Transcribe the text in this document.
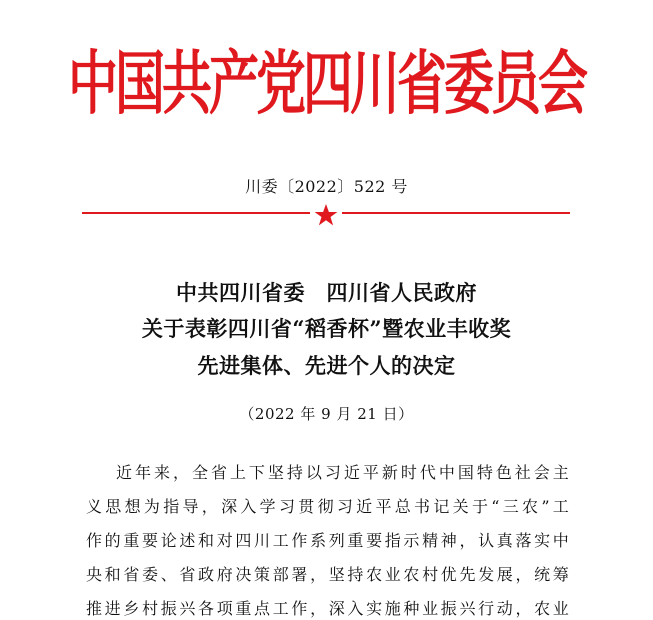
中国共产党四川省委员会
川委〔2022〕522 号
中共四川省委　四川省人民政府
关于表彰四川省“稻香杯”暨农业丰收奖
先进集体、先进个人的决定
（2022 年 9 月 21 日）
近年来，全省上下坚持以习近平新时代中国特色社会主
义思想为指导，深入学习贯彻习近平总书记关于“三农”工
作的重要论述和对四川工作系列重要指示精神，认真落实中
央和省委、省政府决策部署，坚持农业农村优先发展，统筹
推进乡村振兴各项重点工作，深入实施种业振兴行动，农业
